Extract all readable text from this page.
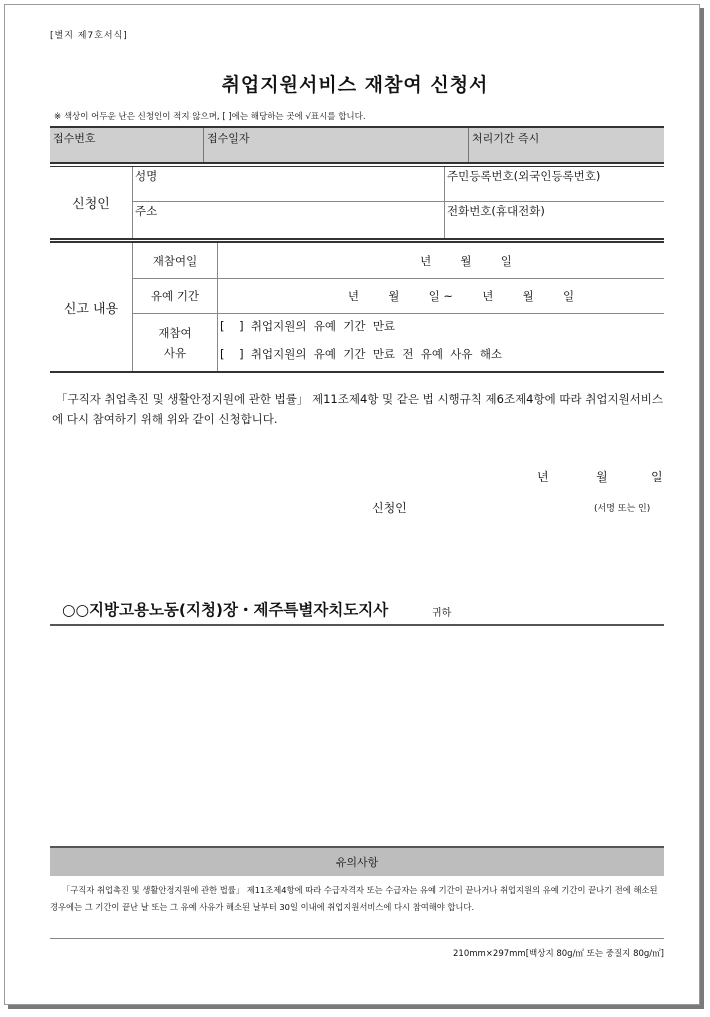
[별지 제7호서식]
취업지원서비스 재참여 신청서
※ 색상이 어두운 난은 신청인이 적지 않으며, [ ]에는 해당하는 곳에 √표시를 합니다.
접수번호	접수일자	처리기간 즉시
신청인
성명	주민등록번호(외국인등록번호)
주소	전화번호(휴대전화)
신고 내용
재참여일	년        월        일
유예 기간	년        월        일 ~        년        월        일
재참여
사유
[    ]  취업지원의  유예  기간  만료
[    ]  취업지원의  유예  기간  만료  전  유예  사유  해소
「구직자 취업촉진 및 생활안정지원에 관한 법률」 제11조제4항 및 같은 법 시행규칙 제6조제4항에 따라 취업지원서비스에 다시 참여하기 위해 위와 같이 신청합니다.
년	월	일
신청인	(서명 또는 인)
○○지방고용노동(지청)장・제주특별자치도지사	귀하
유의사항
「구직자 취업촉진 및 생활안정지원에 관한 법률」 제11조제4항에 따라 수급자격자 또는 수급자는 유예 기간이 끝나거나 취업지원의 유예 기간이 끝나기 전에 해소된 경우에는 그 기간이 끝난 날 또는 그 유예 사유가 해소된 날부터 30일 이내에 취업지원서비스에 다시 참여해야 합니다.
210mm×297mm[백상지 80g/㎡ 또는 중질지 80g/㎡]
